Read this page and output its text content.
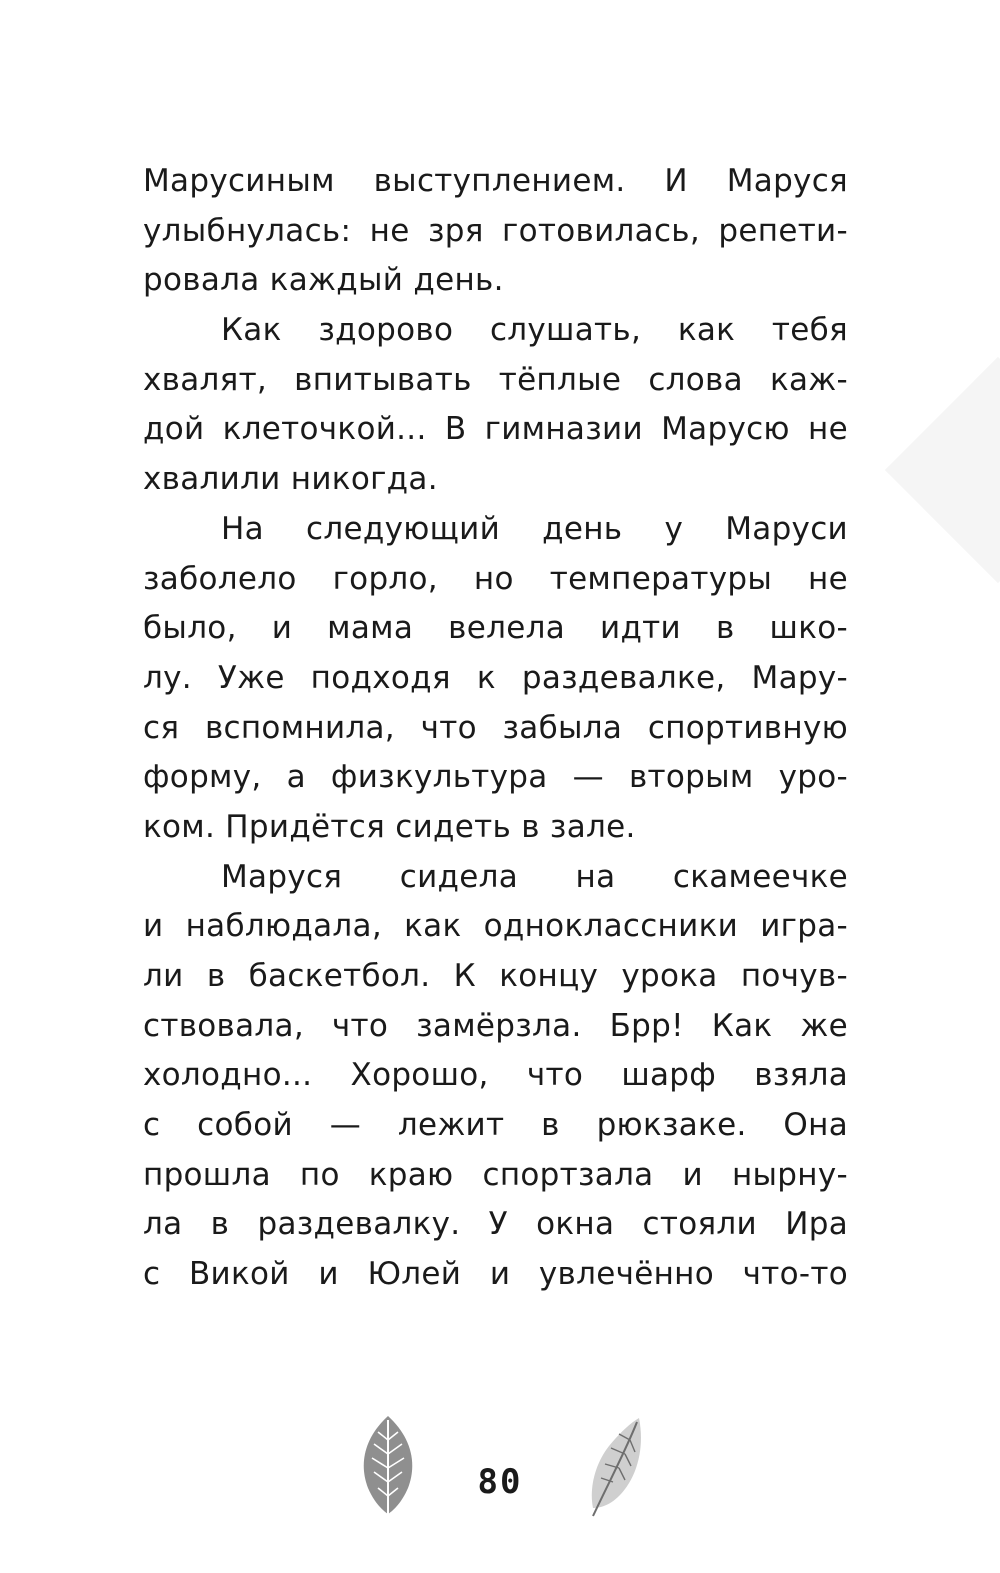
Марусиным выступлением. И Маруся
улыбнулась: не зря готовилась, репети-
ровала каждый день.
Как здорово слушать, как тебя
хвалят, впитывать тёплые слова каж-
дой клеточкой... В гимназии Марусю не
хвалили никогда.
На следующий день у Маруси
заболело горло, но температуры не
было, и мама велела идти в шко-
лу. Уже подходя к раздевалке, Мару-
ся вспомнила, что забыла спортивную
форму, а физкультура — вторым уро-
ком. Придётся сидеть в зале.
Маруся сидела на скамеечке
и наблюдала, как одноклассники игра-
ли в баскетбол. К концу урока почув-
ствовала, что замёрзла. Брр! Как же
холодно... Хорошо, что шарф взяла
с собой — лежит в рюкзаке. Она
прошла по краю спортзала и нырну-
ла в раздевалку. У окна стояли Ира
с Викой и Юлей и увлечённо что-то
80
